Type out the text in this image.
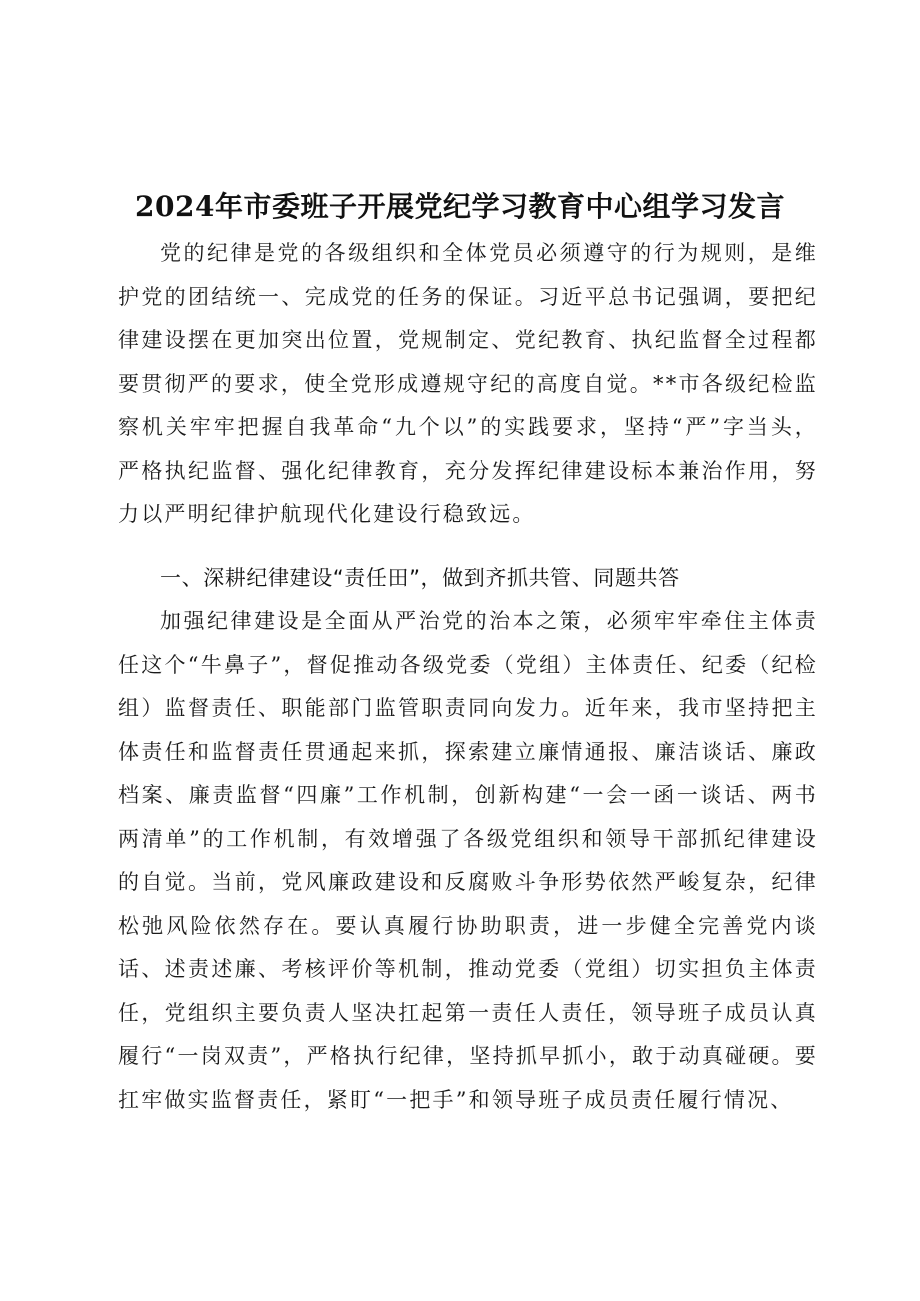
2024年市委班子开展党纪学习教育中心组学习发言

党的纪律是党的各级组织和全体党员必须遵守的行为规则，是维护党的团结统一、完成党的任务的保证。习近平总书记强调，要把纪律建设摆在更加突出位置，党规制定、党纪教育、执纪监督全过程都要贯彻严的要求，使全党形成遵规守纪的高度自觉。**市各级纪检监察机关牢牢把握自我革命“九个以”的实践要求，坚持“严”字当头，严格执纪监督、强化纪律教育，充分发挥纪律建设标本兼治作用，努力以严明纪律护航现代化建设行稳致远。

一、深耕纪律建设“责任田”，做到齐抓共管、同题共答

加强纪律建设是全面从严治党的治本之策，必须牢牢牵住主体责任这个“牛鼻子”，督促推动各级党委（党组）主体责任、纪委（纪检组）监督责任、职能部门监管职责同向发力。近年来，我市坚持把主体责任和监督责任贯通起来抓，探索建立廉情通报、廉洁谈话、廉政档案、廉责监督“四廉”工作机制，创新构建“一会一函一谈话、两书两清单”的工作机制，有效增强了各级党组织和领导干部抓纪律建设的自觉。当前，党风廉政建设和反腐败斗争形势依然严峻复杂，纪律松弛风险依然存在。要认真履行协助职责，进一步健全完善党内谈话、述责述廉、考核评价等机制，推动党委（党组）切实担负主体责任，党组织主要负责人坚决扛起第一责任人责任，领导班子成员认真履行“一岗双责”，严格执行纪律，坚持抓早抓小，敢于动真碰硬。要扛牢做实监督责任，紧盯“一把手”和领导班子成员责任履行情况、
